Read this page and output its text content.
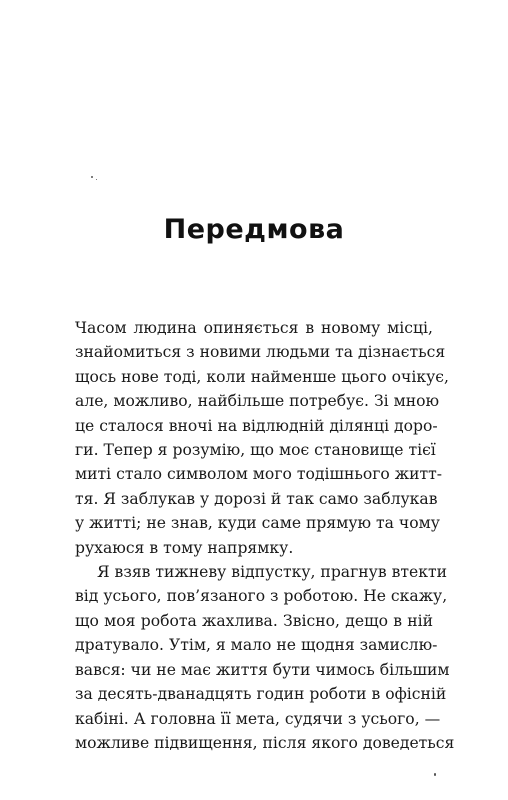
Передмова

Часом людина опиняється в новому місці,
знайомиться з новими людьми та дізнається
щось нове тоді, коли найменше цього очікує,
але, можливо, найбільше потребує. Зі мною
це сталося вночі на відлюдній ділянці доро-
ги. Тепер я розумію, що моє становище тієї
миті стало символом мого тодішнього житт-
тя. Я заблукав у дорозі й так само заблукав
у житті; не знав, куди саме прямую та чому
рухаюся в тому напрямку.

Я взяв тижневу відпустку, прагнув втекти
від усього, пов’язаного з роботою. Не скажу,
що моя робота жахлива. Звісно, дещо в ній
дратувало. Утім, я мало не щодня замислю-
вався: чи не має життя бути чимось більшим
за десять-дванадцять годин роботи в офісній
кабіні. А головна її мета, судячи з усього, —
можливе підвищення, після якого доведеться
